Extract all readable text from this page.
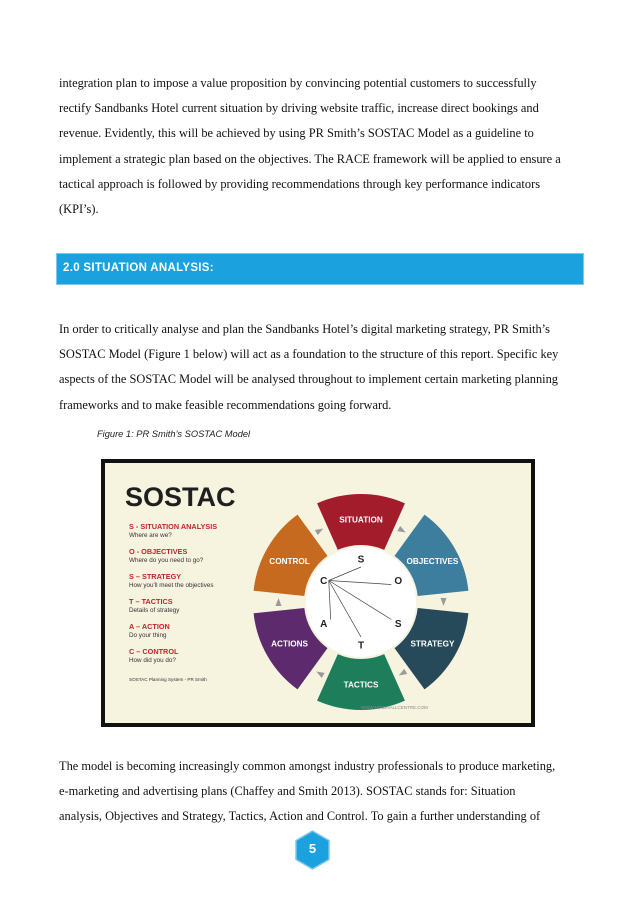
integration plan to impose a value proposition by convincing potential customers to successfully
rectify Sandbanks Hotel current situation by driving website traffic, increase direct bookings and
revenue. Evidently, this will be achieved by using PR Smith’s SOSTAC Model as a guideline to
implement a strategic plan based on the objectives. The RACE framework will be applied to ensure a
tactical approach is followed by providing recommendations through key performance indicators
(KPI’s).
2.0 SITUATION ANALYSIS:
In order to critically analyse and plan the Sandbanks Hotel’s digital marketing strategy, PR Smith’s
SOSTAC Model (Figure 1 below) will act as a foundation to the structure of this report. Specific key
aspects of the SOSTAC Model will be analysed throughout to implement certain marketing planning
frameworks and to make feasible recommendations going forward.
Figure 1: PR Smith’s SOSTAC Model
SOSTAC
S - SITUATION ANALYSIS
Where are we?
O - OBJECTIVES
Where do you need to go?
S – STRATEGY
How you'll meet the objectives
T – TACTICS
Details of strategy
A – ACTION
Do your thing
C – CONTROL
How did you do?
SOSTAC Planning System - PR Smith
SITUATION
S	OBJECTIVES
O
STRATEGY
S
TACTICS
T
ACTIONS
A
CONTROL
C
WWW.MINDHALLCENTRE.COM
The model is becoming increasingly common amongst industry professionals to produce marketing,
e-marketing and advertising plans (Chaffey and Smith 2013). SOSTAC stands for: Situation
analysis, Objectives and Strategy, Tactics, Action and Control. To gain a further understanding of
5
